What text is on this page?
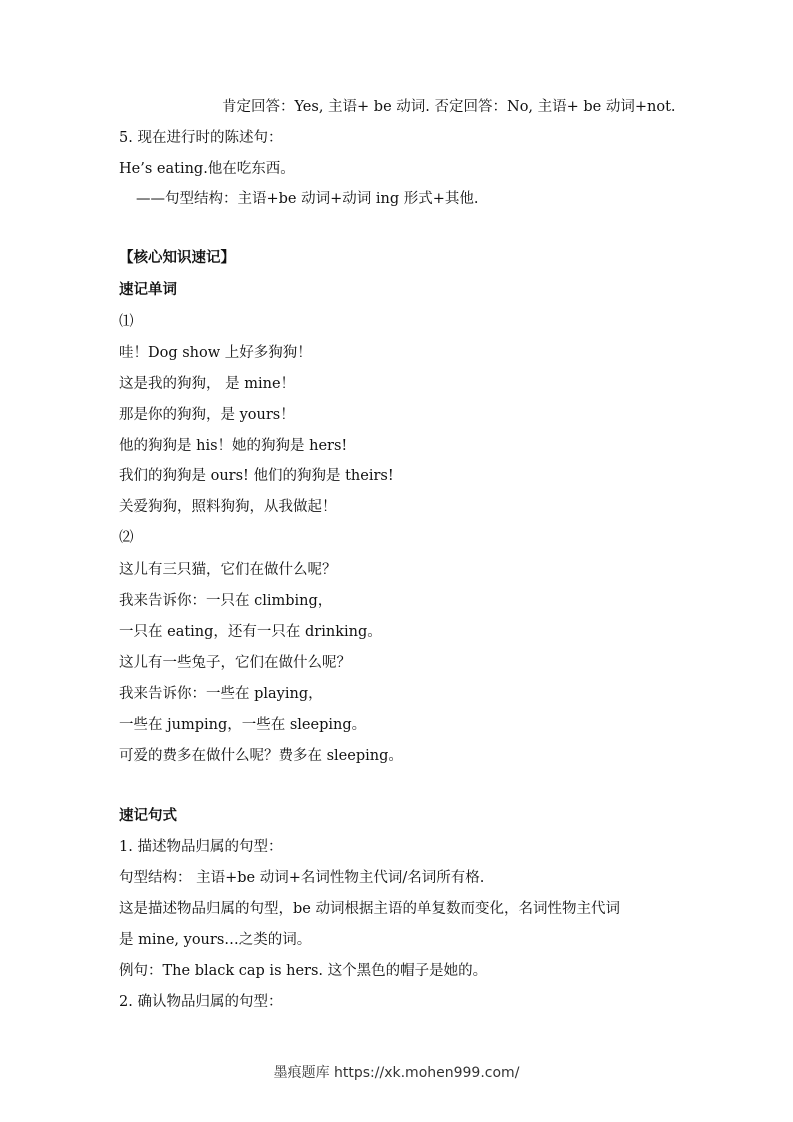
肯定回答：Yes, 主语+ be 动词. 否定回答：No, 主语+ be 动词+not.
5. 现在进行时的陈述句：
He’s eating.他在吃东西。
——句型结构：主语+be 动词+动词 ing 形式+其他.
【核心知识速记】
速记单词
⑴
哇！Dog show 上好多狗狗！
这是我的狗狗， 是 mine！
那是你的狗狗，是 yours！
他的狗狗是 his！她的狗狗是 hers!
我们的狗狗是 ours! 他们的狗狗是 theirs!
关爱狗狗，照料狗狗，从我做起！
⑵
这儿有三只猫，它们在做什么呢？
我来告诉你：一只在 climbing，
一只在 eating，还有一只在 drinking。
这儿有一些兔子，它们在做什么呢？
我来告诉你：一些在 playing，
一些在 jumping，一些在 sleeping。
可爱的费多在做什么呢？费多在 sleeping。
速记句式
1. 描述物品归属的句型：
句型结构： 主语+be 动词+名词性物主代词/名词所有格.
这是描述物品归属的句型，be 动词根据主语的单复数而变化，名词性物主代词
是 mine, yours…之类的词。
例句：The black cap is hers. 这个黑色的帽子是她的。
2. 确认物品归属的句型：
墨痕题库 https://xk.mohen999.com/
